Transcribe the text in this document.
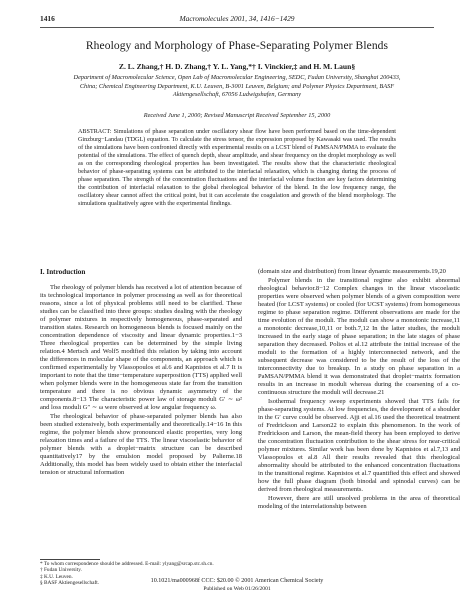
1416	Macromolecules 2001, 34, 1416−1429
Rheology and Morphology of Phase-Separating Polymer Blends
Z. L. Zhang,† H. D. Zhang,† Y. L. Yang,*† I. Vinckier,‡ and H. M. Laun§
Department of Macromolecular Science, Open Lab of Macromolecular Engineering, SEDC, Fudan University, Shanghai 200433, China; Chemical Engineering Department, K.U. Leuven, B-3001 Leuven, Belgium; and Polymer Physics Department, BASF Aktiengesellschaft, 67056 Ludwigshafen, Germany
Received June 1, 2000; Revised Manuscript Received September 15, 2000
ABSTRACT: Simulations of phase separation under oscillatory shear flow have been performed based on the time-dependent Ginzburg−Landau (TDGL) equation. To calculate the stress tensor, the expression proposed by Kawasaki was used. The results of the simulations have been confronted directly with experimental results on a LCST blend of PaMSAN/PMMA to evaluate the potential of the simulations. The effect of quench depth, shear amplitude, and shear frequency on the droplet morphology as well as on the corresponding rheological properties has been investigated. The results show that the characteristic rheological behavior of phase-separating systems can be attributed to the interfacial relaxation, which is changing during the process of phase separation. The strength of the concentration fluctuations and the interfacial volume fraction are key factors determining the contribution of interfacial relaxation to the global rheological behavior of the blend. In the low frequency range, the oscillatory shear cannot affect the critical point, but it can accelerate the coagulation and growth of the blend morphology. The simulations qualitatively agree with the experimental findings.
I. Introduction

The rheology of polymer blends has received a lot of attention because of its technological importance in polymer processing as well as for theoretical reasons, since a lot of physical problems still need to be clarified. These studies can be classified into three groups: studies dealing with the rheology of polymer mixtures in respectively homogeneous, phase-separated and transition states. Research on homogeneous blends is focused mainly on the concentration dependence of viscosity and linear dynamic properties.1−3 Three rheological properties can be determined by the simple living relation.4 Mertsch and Wolf5 modified this relation by taking into account the differences in molecular shape of the components, an approach which is confirmed experimentally by Vlassopoulos et al.6 and Kapnistos et al.7 It is important to note that the time−temperature superposition (TTS) applied well when polymer blends were in the homogeneous state far from the transition temperature and there is no obvious dynamic asymmetry of the components.8−13 The characteristic power law of storage moduli G′ ∼ ω² and loss moduli G″ ∼ ω were observed at low angular frequency ω.

The rheological behavior of phase-separated polymer blends has also been studied extensively, both experimentally and theoretically.14−16 In this regime, the polymer blends show pronounced elastic properties, very long relaxation times and a failure of the TTS. The linear viscoelastic behavior of polymer blends with a droplet−matrix structure can be described quantitatively17 by the emulsion model proposed by Palierne.18 Additionally, this model has been widely used to obtain either the interfacial tension or structural information

* To whom correspondence should be addressed. E-mail: ylyang@srcap.stc.sh.cn.
† Fudan University.
‡ K.U. Leuven.
§ BASF Aktiengesellschaft.

(domain size and distribution) from linear dynamic measurements.19,20

Polymer blends in the transitional regime also exhibit abnormal rheological behavior.8−12 Complex changes in the linear viscoelastic properties were observed when polymer blends of a given composition were heated (for LCST systems) or cooled (for UCST systems) from homogeneous regime to phase separation regime. Different observations are made for the time evolution of the moduli. The moduli can show a monotonic increase,11 a monotonic decrease,10,11 or both.7,12 In the latter studies, the moduli increased in the early stage of phase separation; in the late stages of phase separation they decreased. Polios et al.12 attribute the initial increase of the moduli to the formation of a highly interconnected network, and the subsequent decrease was considered to be the result of the loss of the interconnectivity due to breakup. In a study on phase separation in a PaMSAN/PMMA blend it was demonstrated that droplet−matrix formation results in an increase in moduli whereas during the coarsening of a co-continuous structure the moduli will decrease.21

Isothermal frequency sweep experiments showed that TTS fails for phase-separating systems. At low frequencies, the development of a shoulder in the G′ curve could be observed. Ajji et al.16 used the theoretical treatment of Fredrickson and Larson22 to explain this phenomenon. In the work of Fredrickson and Larson, the mean-field theory has been employed to derive the concentration fluctuation contribution to the shear stress for near-critical polymer mixtures. Similar work has been done by Kapnistos et al.7,13 and Vlassopoulos et al.8 All their results revealed that this rheological abnormality should be attributed to the enhanced concentration fluctuations in the transitional regime. Kapnistos et al.7 quantified this effect and showed how the full phase diagram (both binodal and spinodal curves) can be derived from rheological measurements.

However, there are still unsolved problems in the area of theoretical modeling of the interrelationship between

10.1021/ma000968f CCC: $20.00 © 2001 American Chemical Society
Published on Web 01/26/2001
